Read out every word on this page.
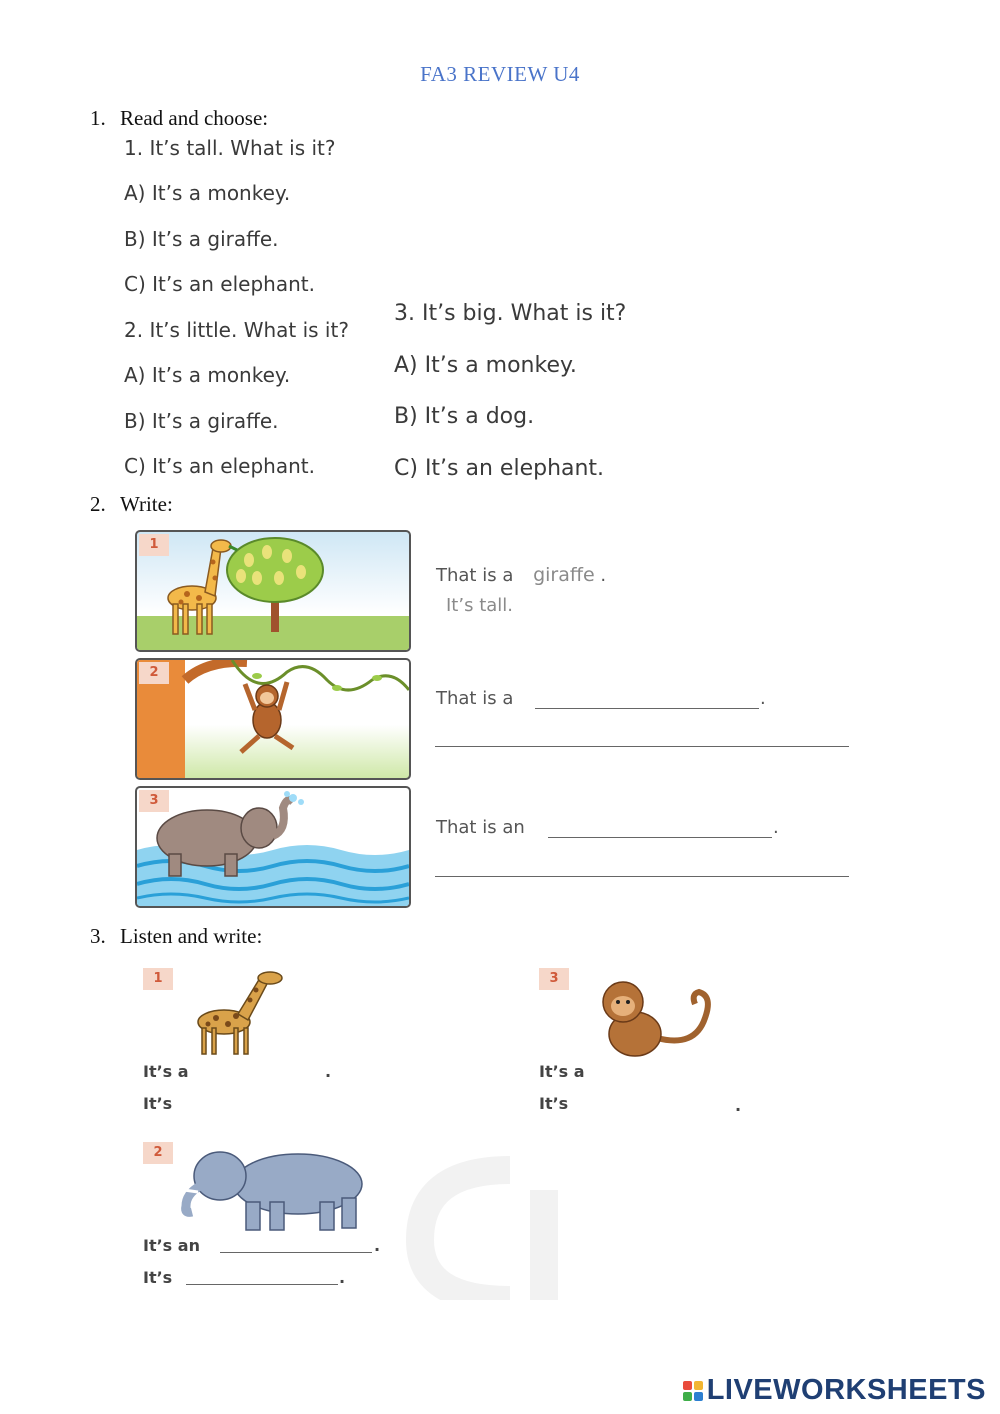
FA3 REVIEW U4
1. Read and choose:
1. It’s tall. What is it?
A) It’s a monkey.
B) It’s a giraffe.
C) It’s an elephant.
2. It’s little. What is it?
A) It’s a monkey.
B) It’s a giraffe.
C) It’s an elephant.
3. It’s big. What is it?
A) It’s a monkey.
B) It’s a dog.
C) It’s an elephant.
2. Write:
1
2
3
That is a giraffe .
It’s tall.
That is a	.
That is an	.
3. Listen and write:
1
It’s a	.
It’s
3
It’s a
It’s	.
2
It’s an	.
It’s	.
LIVEWORKSHEETS
